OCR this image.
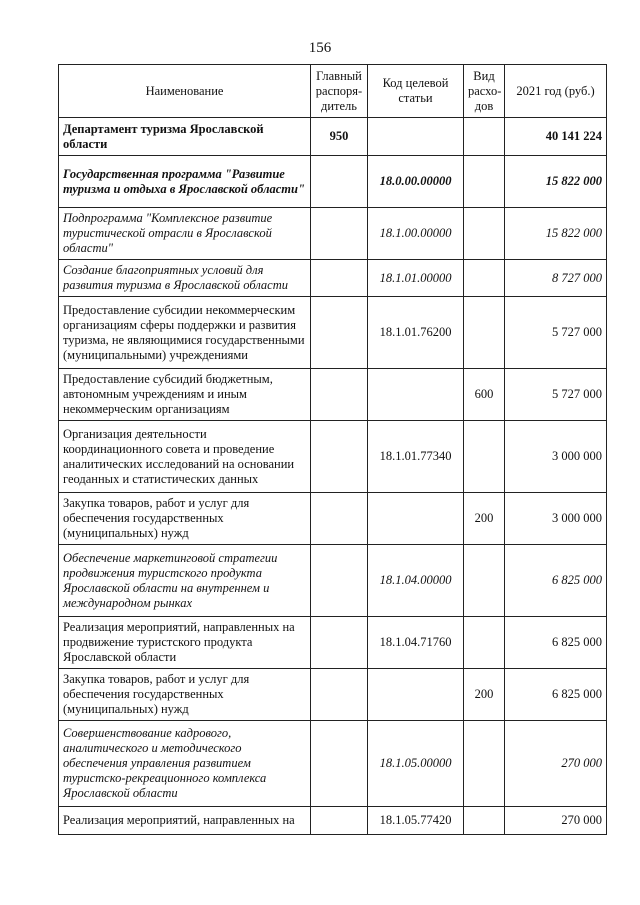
156
Наименование	Главный распоря-дитель	Код целевой статьи	Вид расхо-дов	2021 год (руб.)
Департамент туризма Ярославской области	950			40 141 224
Государственная программа "Развитие туризма и отдыха в Ярославской области"		18.0.00.00000		15 822 000
Подпрограмма "Комплексное развитие туристической отрасли в Ярославской области"		18.1.00.00000		15 822 000
Создание благоприятных условий для развития туризма в Ярославской области		18.1.01.00000		8 727 000
Предоставление субсидии некоммерческим организациям сферы поддержки и развития туризма, не являющимися государственными (муниципальными) учреждениями		18.1.01.76200		5 727 000
Предоставление субсидий бюджетным, автономным учреждениям и иным некоммерческим организациям			600	5 727 000
Организация деятельности координационного совета и проведение аналитических исследований на основании геоданных и статистических данных		18.1.01.77340		3 000 000
Закупка товаров, работ и услуг для обеспечения государственных (муниципальных) нужд			200	3 000 000
Обеспечение маркетинговой стратегии продвижения туристского продукта Ярославской области на внутреннем и международном рынках		18.1.04.00000		6 825 000
Реализация мероприятий, направленных на продвижение туристского продукта Ярославской области		18.1.04.71760		6 825 000
Закупка товаров, работ и услуг для обеспечения государственных (муниципальных) нужд			200	6 825 000
Совершенствование кадрового, аналитического и методического обеспечения управления развитием туристско-рекреационного комплекса Ярославской области		18.1.05.00000		270 000
Реализация мероприятий, направленных на		18.1.05.77420		270 000
